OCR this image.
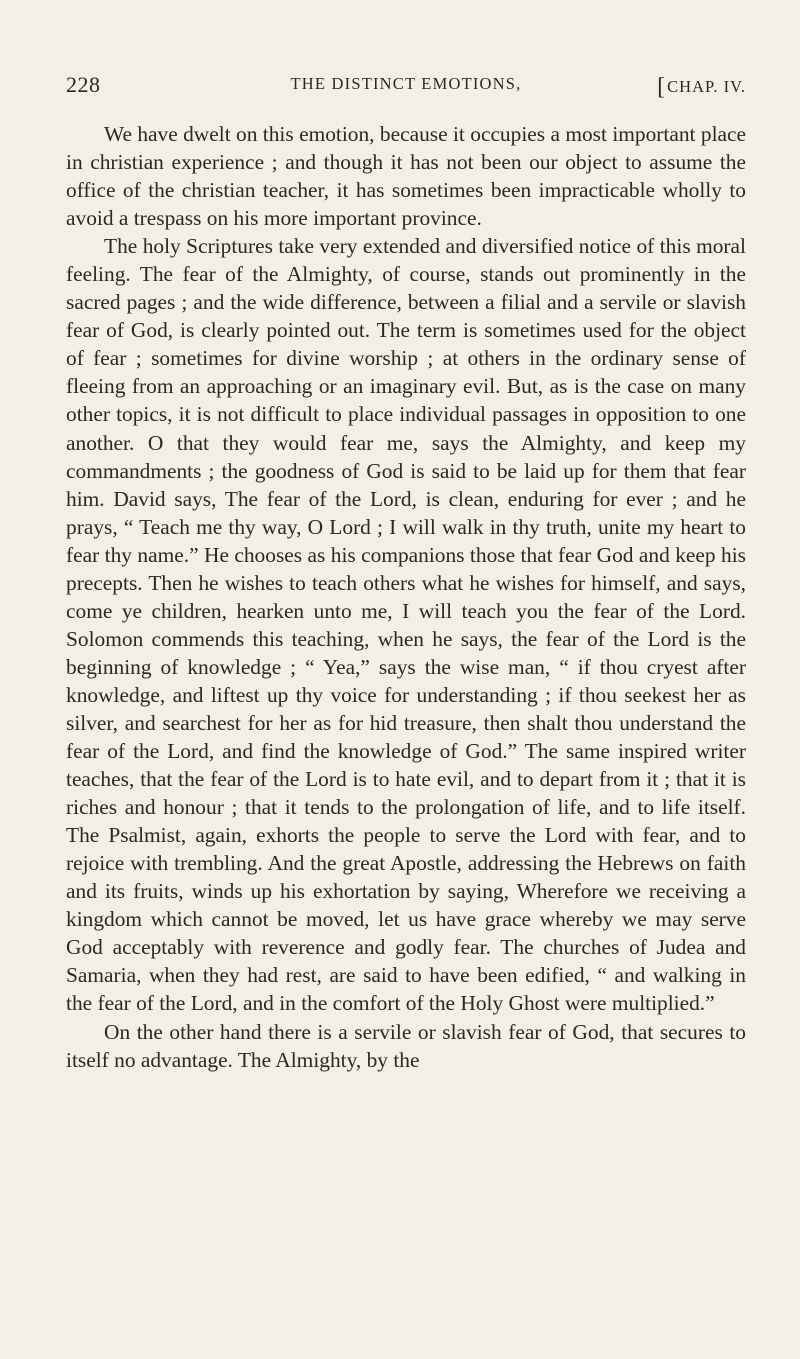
228	THE DISTINCT EMOTIONS,	[CHAP. IV.

We have dwelt on this emotion, because it occupies a most important place in christian experience ; and though it has not been our object to assume the office of the christian teacher, it has sometimes been impracticable wholly to avoid a trespass on his more important province.

The holy Scriptures take very extended and diversified notice of this moral feeling. The fear of the Almighty, of course, stands out prominently in the sacred pages ; and the wide difference, between a filial and a servile or slavish fear of God, is clearly pointed out. The term is sometimes used for the object of fear ; sometimes for divine worship ; at others in the ordinary sense of fleeing from an approaching or an imaginary evil. But, as is the case on many other topics, it is not difficult to place individual passages in opposition to one another. O that they would fear me, says the Almighty, and keep my commandments ; the goodness of God is said to be laid up for them that fear him. David says, The fear of the Lord, is clean, enduring for ever ; and he prays, “ Teach me thy way, O Lord ; I will walk in thy truth, unite my heart to fear thy name.” He chooses as his companions those that fear God and keep his precepts. Then he wishes to teach others what he wishes for himself, and says, come ye children, hearken unto me, I will teach you the fear of the Lord. Solomon commends this teaching, when he says, the fear of the Lord is the beginning of knowledge ; “ Yea,” says the wise man, “ if thou cryest after knowledge, and liftest up thy voice for understanding ; if thou seekest her as silver, and searchest for her as for hid treasure, then shalt thou understand the fear of the Lord, and find the knowledge of God.” The same inspired writer teaches, that the fear of the Lord is to hate evil, and to depart from it ; that it is riches and honour ; that it tends to the prolongation of life, and to life itself. The Psalmist, again, exhorts the people to serve the Lord with fear, and to rejoice with trembling. And the great Apostle, addressing the Hebrews on faith and its fruits, winds up his exhortation by saying, Wherefore we receiving a kingdom which cannot be moved, let us have grace whereby we may serve God acceptably with reverence and godly fear. The churches of Judea and Samaria, when they had rest, are said to have been edified, “ and walking in the fear of the Lord, and in the comfort of the Holy Ghost were multiplied.”

On the other hand there is a servile or slavish fear of God, that secures to itself no advantage. The Almighty, by the
